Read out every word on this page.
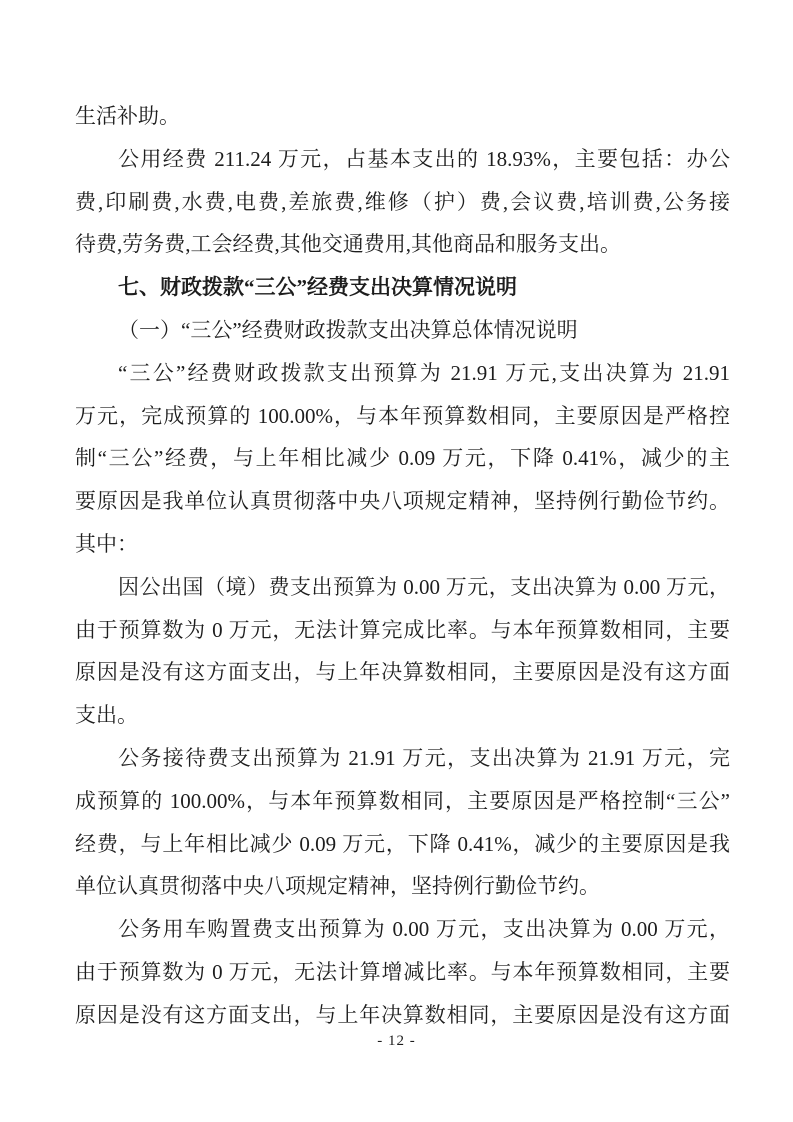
生活补助。
公用经费 211.24 万元，占基本支出的 18.93%，主要包括：办公
费,印刷费,水费,电费,差旅费,维修（护）费,会议费,培训费,公务接
待费,劳务费,工会经费,其他交通费用,其他商品和服务支出。
七、财政拨款“三公”经费支出决算情况说明
（一）“三公”经费财政拨款支出决算总体情况说明
“三公”经费财政拨款支出预算为 21.91 万元,支出决算为 21.91
万元，完成预算的 100.00%，与本年预算数相同，主要原因是严格控
制“三公”经费，与上年相比减少 0.09 万元，下降 0.41%，减少的主
要原因是我单位认真贯彻落中央八项规定精神，坚持例行勤俭节约。
其中：
因公出国（境）费支出预算为 0.00 万元，支出决算为 0.00 万元，
由于预算数为 0 万元，无法计算完成比率。与本年预算数相同，主要
原因是没有这方面支出，与上年决算数相同，主要原因是没有这方面
支出。
公务接待费支出预算为 21.91 万元，支出决算为 21.91 万元，完
成预算的 100.00%，与本年预算数相同，主要原因是严格控制“三公”
经费，与上年相比减少 0.09 万元，下降 0.41%，减少的主要原因是我
单位认真贯彻落中央八项规定精神，坚持例行勤俭节约。
公务用车购置费支出预算为 0.00 万元，支出决算为 0.00 万元，
由于预算数为 0 万元，无法计算增减比率。与本年预算数相同，主要
原因是没有这方面支出，与上年决算数相同，主要原因是没有这方面
- 12 -
